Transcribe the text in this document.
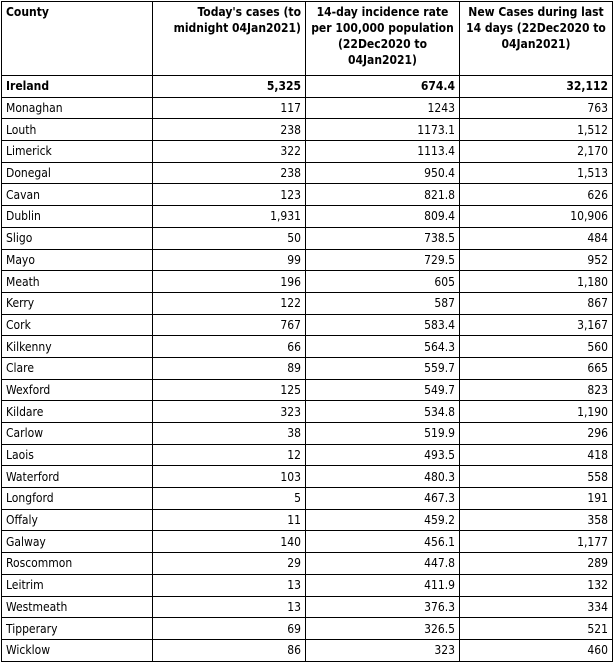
County	Today's cases (to midnight 04Jan2021)	14-day incidence rate per 100,000 population (22Dec2020 to 04Jan2021)	New Cases during last 14 days (22Dec2020 to 04Jan2021)
Ireland	5,325	674.4	32,112
Monaghan	117	1243	763
Louth	238	1173.1	1,512
Limerick	322	1113.4	2,170
Donegal	238	950.4	1,513
Cavan	123	821.8	626
Dublin	1,931	809.4	10,906
Sligo	50	738.5	484
Mayo	99	729.5	952
Meath	196	605	1,180
Kerry	122	587	867
Cork	767	583.4	3,167
Kilkenny	66	564.3	560
Clare	89	559.7	665
Wexford	125	549.7	823
Kildare	323	534.8	1,190
Carlow	38	519.9	296
Laois	12	493.5	418
Waterford	103	480.3	558
Longford	5	467.3	191
Offaly	11	459.2	358
Galway	140	456.1	1,177
Roscommon	29	447.8	289
Leitrim	13	411.9	132
Westmeath	13	376.3	334
Tipperary	69	326.5	521
Wicklow	86	323	460
